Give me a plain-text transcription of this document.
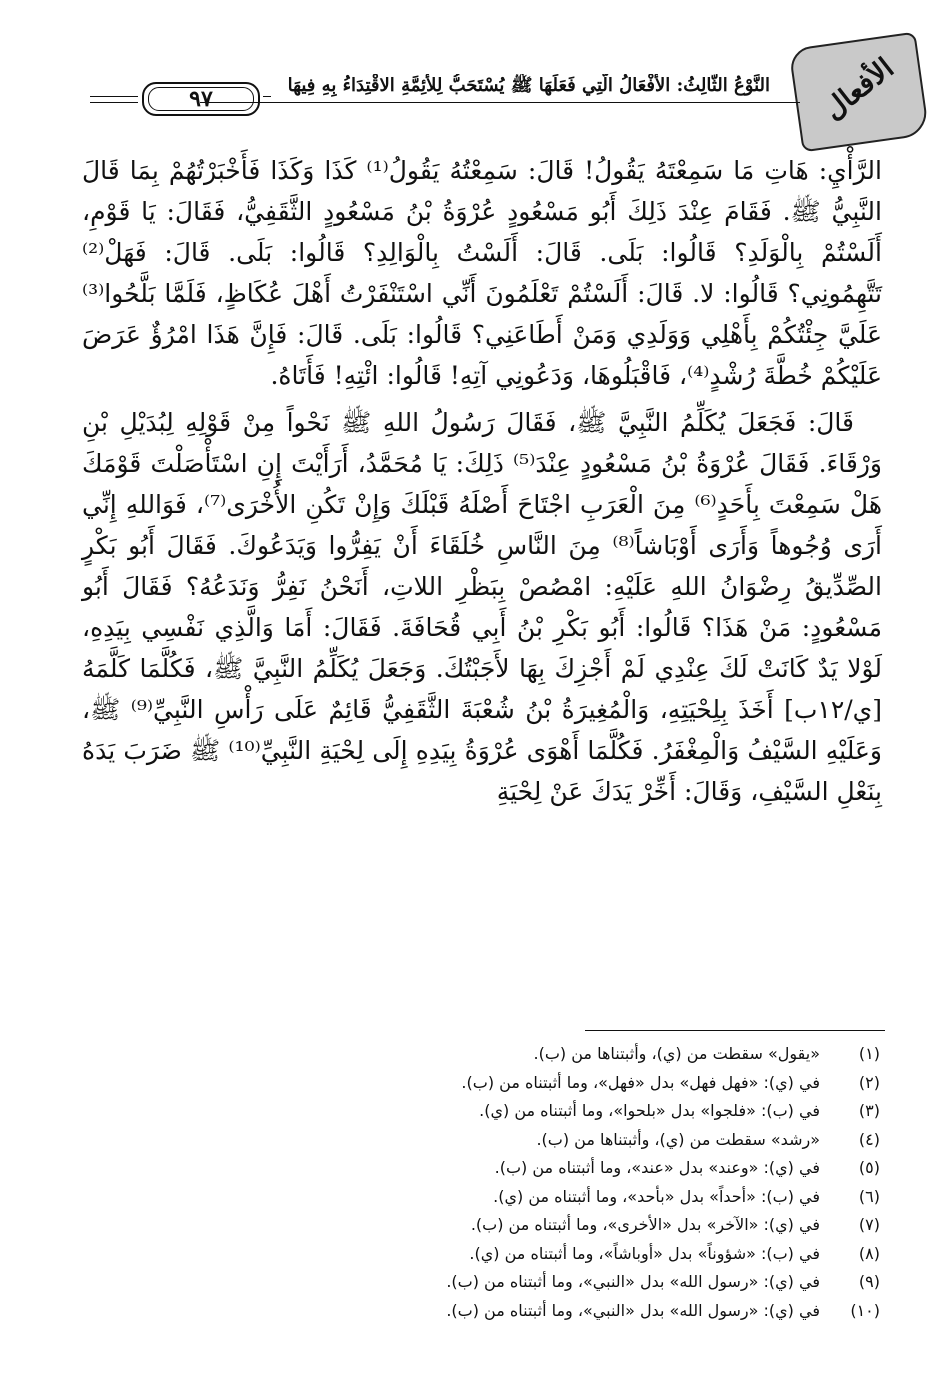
الأفعال
النَّوْعُ الثَّالِثُ: الأَفْعَالُ الَّتِي فَعَلَهَا ﷺ يُسْتَحَبُّ لِلأَئِمَّةِ الاقْتِدَاءُ بِهِ فِيهَا
٩٧

الرَّأْيِ: هَاتِ مَا سَمِعْتَهُ يَقُولُ! قَالَ: سَمِعْتُهُ يَقُولُ⁽¹⁾ كَذَا وَكَذَا فَأَخْبَرْتُهُمْ بِمَا قَالَ النَّبِيُّ ﷺ. فَقَامَ عِنْدَ ذَلِكَ أَبُو مَسْعُودٍ عُرْوَةُ بْنُ مَسْعُودٍ الثَّقَفِيُّ، فَقَالَ: يَا قَوْمِ، أَلَسْتُمْ بِالْوَلَدِ؟ قَالُوا: بَلَى. قَالَ: أَلَسْتُ بِالْوَالِدِ؟ قَالُوا: بَلَى. قَالَ: فَهَلْ⁽²⁾ تَتَّهِمُونِي؟ قَالُوا: لا. قَالَ: أَلَسْتُمْ تَعْلَمُونَ أَنِّي اسْتَنْفَرْتُ أَهْلَ عُكَاظٍ، فَلَمَّا بَلَّحُوا⁽³⁾ عَلَيَّ جِئْتُكُمْ بِأَهْلِي وَوَلَدِي وَمَنْ أَطَاعَنِي؟ قَالُوا: بَلَى. قَالَ: فَإِنَّ هَذَا امْرُؤٌ عَرَضَ عَلَيْكُمْ خُطَّةَ رُشْدٍ⁽⁴⁾، فَاقْبَلُوهَا، وَدَعُونِي آتِهِ! قَالُوا: ائْتِهِ! فَأَتَاهُ.

قَالَ: فَجَعَلَ يُكَلِّمُ النَّبِيَّ ﷺ، فَقَالَ رَسُولُ اللهِ ﷺ نَحْواً مِنْ قَوْلِهِ لِبُدَيْلِ بْنِ وَرْقَاءَ. فَقَالَ عُرْوَةُ بْنُ مَسْعُودٍ عِنْدَ⁽⁵⁾ ذَلِكَ: يَا مُحَمَّدُ، أَرَأَيْتَ إِنِ اسْتَأْصَلْتَ قَوْمَكَ هَلْ سَمِعْتَ بِأَحَدٍ⁽⁶⁾ مِنَ الْعَرَبِ اجْتَاحَ أَصْلَهُ قَبْلَكَ وَإِنْ تَكُنِ الأُخْرَى⁽⁷⁾، فَوَاللهِ إِنِّي أَرَى وُجُوهاً وَأَرَى أَوْبَاشاً⁽⁸⁾ مِنَ النَّاسِ خُلَقَاءَ أَنْ يَفِرُّوا وَيَدَعُوكَ. فَقَالَ أَبُو بَكْرٍ الصِّدِّيقُ رِضْوَانُ اللهِ عَلَيْهِ: امْصُصْ بِبَظْرِ اللاتِ، أَنَحْنُ نَفِرُّ وَنَدَعُهُ؟ فَقَالَ أَبُو مَسْعُودٍ: مَنْ هَذَا؟ قَالُوا: أَبُو بَكْرِ بْنُ أَبِي قُحَافَةَ. فَقَالَ: أَمَا وَالَّذِي نَفْسِي بِيَدِهِ، لَوْلا يَدٌ كَانَتْ لَكَ عِنْدِي لَمْ أَجْزِكَ بِهَا لأَجَبْتُكَ. وَجَعَلَ يُكَلِّمُ النَّبِيَّ ﷺ، فَكُلَّمَا كَلَّمَهُ [ي/١٢ب] أَخَذَ بِلِحْيَتِهِ، وَالْمُغِيرَةُ بْنُ شُعْبَةَ الثَّقَفِيُّ قَائِمٌ عَلَى رَأْسِ النَّبِيِّ⁽⁹⁾ ﷺ، وَعَلَيْهِ السَّيْفُ وَالْمِغْفَرُ. فَكُلَّمَا أَهْوَى عُرْوَةُ بِيَدِهِ إِلَى لِحْيَةِ النَّبِيِّ⁽¹⁰⁾ ﷺ ضَرَبَ يَدَهُ بِنَعْلِ السَّيْفِ، وَقَالَ: أَخِّرْ يَدَكَ عَنْ لِحْيَةِ

(١)
«يقول» سقطت من (ي)، وأثبتناها من (ب).
(٢)
في (ي): «فهل فهل» بدل «فهل»، وما أثبتناه من (ب).
(٣)
في (ب): «فلجوا» بدل «بلحوا»، وما أثبتناه من (ي).
(٤)
«رشد» سقطت من (ي)، وأثبتناها من (ب).
(٥)
في (ي): «وعند» بدل «عند»، وما أثبتناه من (ب).
(٦)
في (ب): «أحداً» بدل «بأحد»، وما أثبتناه من (ي).
(٧)
في (ي): «الآخر» بدل «الأخرى»، وما أثبتناه من (ب).
(٨)
في (ب): «شؤوناً» بدل «أوباشاً»، وما أثبتناه من (ي).
(٩)
في (ي): «رسول الله» بدل «النبي»، وما أثبتناه من (ب).
(١٠)
في (ي): «رسول الله» بدل «النبي»، وما أثبتناه من (ب).
